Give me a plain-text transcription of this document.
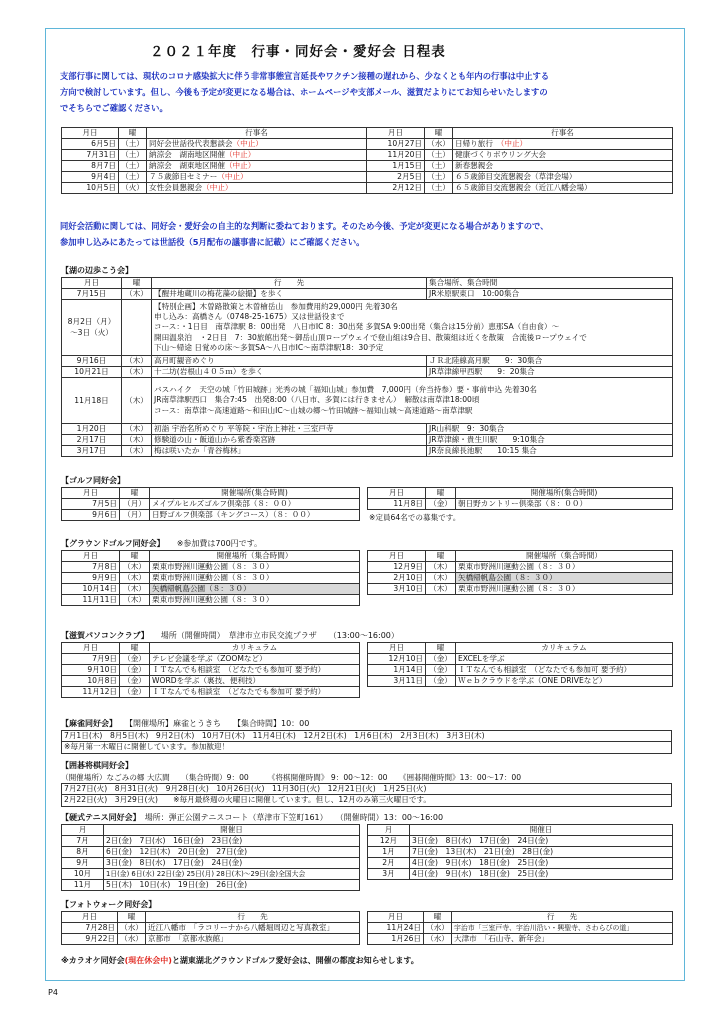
２０２１年度　行事・同好会・愛好会 日程表
支部行事に関しては、現状のコロナ感染拡大に伴う非常事態宣言延長やワクチン接種の遅れから、少なくとも年内の行事は中止する
方向で検討しています。但し、今後も予定が変更になる場合は、ホームページや支部メール、滋賀だよりにてお知らせいたしますの
でそちらでご確認ください。
月日	曜	行事名	月日	曜	行事名
6月5日	（土）	同好会世話役代表懇談会（中止）	10月27日	（水）	日帰り旅行　（中止）
7月31日	（土）	納涼会　湖南地区開催（中止）	11月20日	（土）	健康づくりボウリング大会
8月7日	（土）	納涼会　湖東地区開催（中止）	1月15日	（土）	新春懇親会
9月4日	（土）	７５歳節目セミナー（中止）	2月5日	（土）	６５歳節目交流懇親会（草津会場）
10月5日	（火）	女性会員懇親会（中止）	2月12日	（土）	６５歳節目交流懇親会（近江八幡会場）
同好会活動に関しては、同好会・愛好会の自主的な判断に委ねております。そのため今後、予定が変更になる場合がありますので、
参加申し込みにあたっては世話役（5月配布の議事書に記載）にご確認ください。
【湖の辺歩こう会】
月日	曜	行　　先	集合場所、集合時間
7月15日	（木）	【醒井地蔵川の梅花藻の絵撮】を歩く	JR米原駅東口　10:00集合
8月2日（月）
〜3日（火）		【特別企画】木曽路散策と木曽檜岳山　参加費用約29,000円 先着30名
申し込み：高橋さん（0748-25-1675）又は世話役まで
コース：・1日目　南草津駅 8：00出発　八日市IC 8：30出発 多賀SA 9:00出発（集合は15分前）恵那SA（自由食）〜
開田温泉泊　・2日目　7：30旅館出発〜御岳山頂ロープウェイで登山組は9合目、散策組は近くを散策　合流後ロープウェイで
下山〜帰途 日覚めの床〜多賀SA〜八日市IC〜南草津駅18：30予定	
9月16日	（木）	高月町観音めぐり	ＪＲ北陸線高月駅　　9：30集合
10月21日	（木）	十二坊(岩根山４０５ｍ）を歩く	JR草津線甲西駅　　9：20集合
11月18日	（木）	バスハイク　天空の城「竹田城跡」光秀の城「福知山城」参加費　7,000円（弁当持参）要・事前申込 先着30名
JR南草津駅西口　集合7:45　出発8:00（八日市、多賀には行きません）　解散は南草津18:00頃
コース：南草津〜高速道路〜和田山IC〜山城の郷〜竹田城跡〜福知山城〜高速道路〜南草津駅	
1月20日	（木）	初詣 宇治名所めぐり 平等院・宇治上神社・三室戸寺	JR山科駅　9：30集合
2月17日	（木）	修験道の山・飯道山から紫香楽宮跡	JR草津線・貴生川駅　　9:10集合
3月17日	（木）	梅は咲いたか「青谷梅林」	JR奈良線長池駅　　10:15 集合
【ゴルフ同好会】
月日	曜	開催場所(集合時間)
7月5日	（月）	メイプルヒルズゴルフ倶楽部（８：００）
9月6日	（月）	日野ゴルフ倶楽部（キングコース）（８：００）
月日	曜	開催場所(集合時間)
11月8日	（金）	朝日野カントリー倶楽部（８：００）
※定員64名での募集です。
【グラウンドゴルフ同好会】　　 ※参加費は700円です。
月日	曜	開催場所（集合時間）
7月8日	（木）	栗東市野洲川運動公園（８：３０）
9月9日	（木）	栗東市野洲川運動公園（８：３０）
10月14日	（木）	矢橋帰帆島公園（８：３０）
11月11日	（木）	栗東市野洲川運動公園（８：３０）
月日	曜	開催場所（集合時間）
12月9日	（木）	栗東市野洲川運動公園（８：３０）
2月10日	（木）	矢橋帰帆島公園（８：３０）
3月10日	（木）	栗東市野洲川運動公園（８：３０）
【滋賀パソコンクラブ】　　 場所（開催時間）　草津市立市民交流プラザ　　（13:00〜16:00）
月日	曜	カリキュラム
7月9日	（金）	テレビ会議を学ぶ（ZOOMなど）
9月10日	（金）	ＩＴなんでも相談室　（どなたでも参加可 要予約）
10月8日	（金）	WORDを学ぶ（裏技、便利技）
11月12日	（金）	ＩＴなんでも相談室　（どなたでも参加可 要予約）
月日	曜	カリキュラム
12月10日	（金）	EXCELを学ぶ
1月14日	（金）	ＩＴなんでも相談室　（どなたでも参加可 要予約）
3月11日	（金）	Ｗｅｂクラウドを学ぶ（ONE DRIVEなど）
【麻雀同好会】　　 【開催場所】麻雀とうきち　　【集合時間】10：00
7月1日(木)　8月5日(木)　9月2日(木)　10月7日(木)　11月4日(木)　12月2日(木)　1月6日(木)　2月3日(木)　3月3日(木)
※毎月第一木曜日に開催しています。参加歓迎！
【囲碁将棋同好会】
（開催場所）なごみの郷 大広間　　（集合時間）9：00　　　《将棋開催時間》 9：00〜12：00　　《囲碁開催時間》13：00〜17：00
7月27日(火)　8月31日(火)　9月28日(火)　10月26日(火)　11月30日(火)　12月21日(火)　1月25日(火)
2月22日(火)　3月29日(火)　　※毎月最終週の火曜日に開催しています。但し、12月のみ第三火曜日です。
【硬式テニス同好会】　 場所：弾正公園テニスコート（草津市下笠町161）　　（開催時間）13：00〜16:00
月	開催日
7月	2日(金)　7日(水)　16日(金)　23日(金)
8月	6日(金)　12日(木)　20日(金)　27日(金)
9月	3日(金)　8日(水)　17日(金)　24日(金)
10月	1日(金) 6日(水) 22日(金) 25日(月) 28日(木)〜29日(金)全国大会
11月	5日(木)　10日(水)　19日(金)　26日(金)
月	開催日
12月	3日(金)　8日(水)　17日(金)　24日(金)
1月	7日(金)　13日(木)　21日(金)　28日(金)
2月	4日(金)　9日(水)　18日(金)　25日(金)
3月	4日(金)　9日(水)　18日(金)　25日(金)
【フォトウォーク同好会】
月日	曜	行　　先
7月28日	（水）	近江八幡市　「ラコリーナから八幡堀周辺と写真教室」
9月22日	（水）	京都市　「京都水族館」
月日	曜	行　　先
11月24日	（水）	宇治市「三室戸寺、宇治川沿い・興聖寺、さわらびの道」
1月26日	（水）	大津市　「石山寺、新年会」
※カラオケ同好会(現在休会中)と湖東湖北グラウンドゴルフ愛好会は、開催の都度お知らせします。
P4
